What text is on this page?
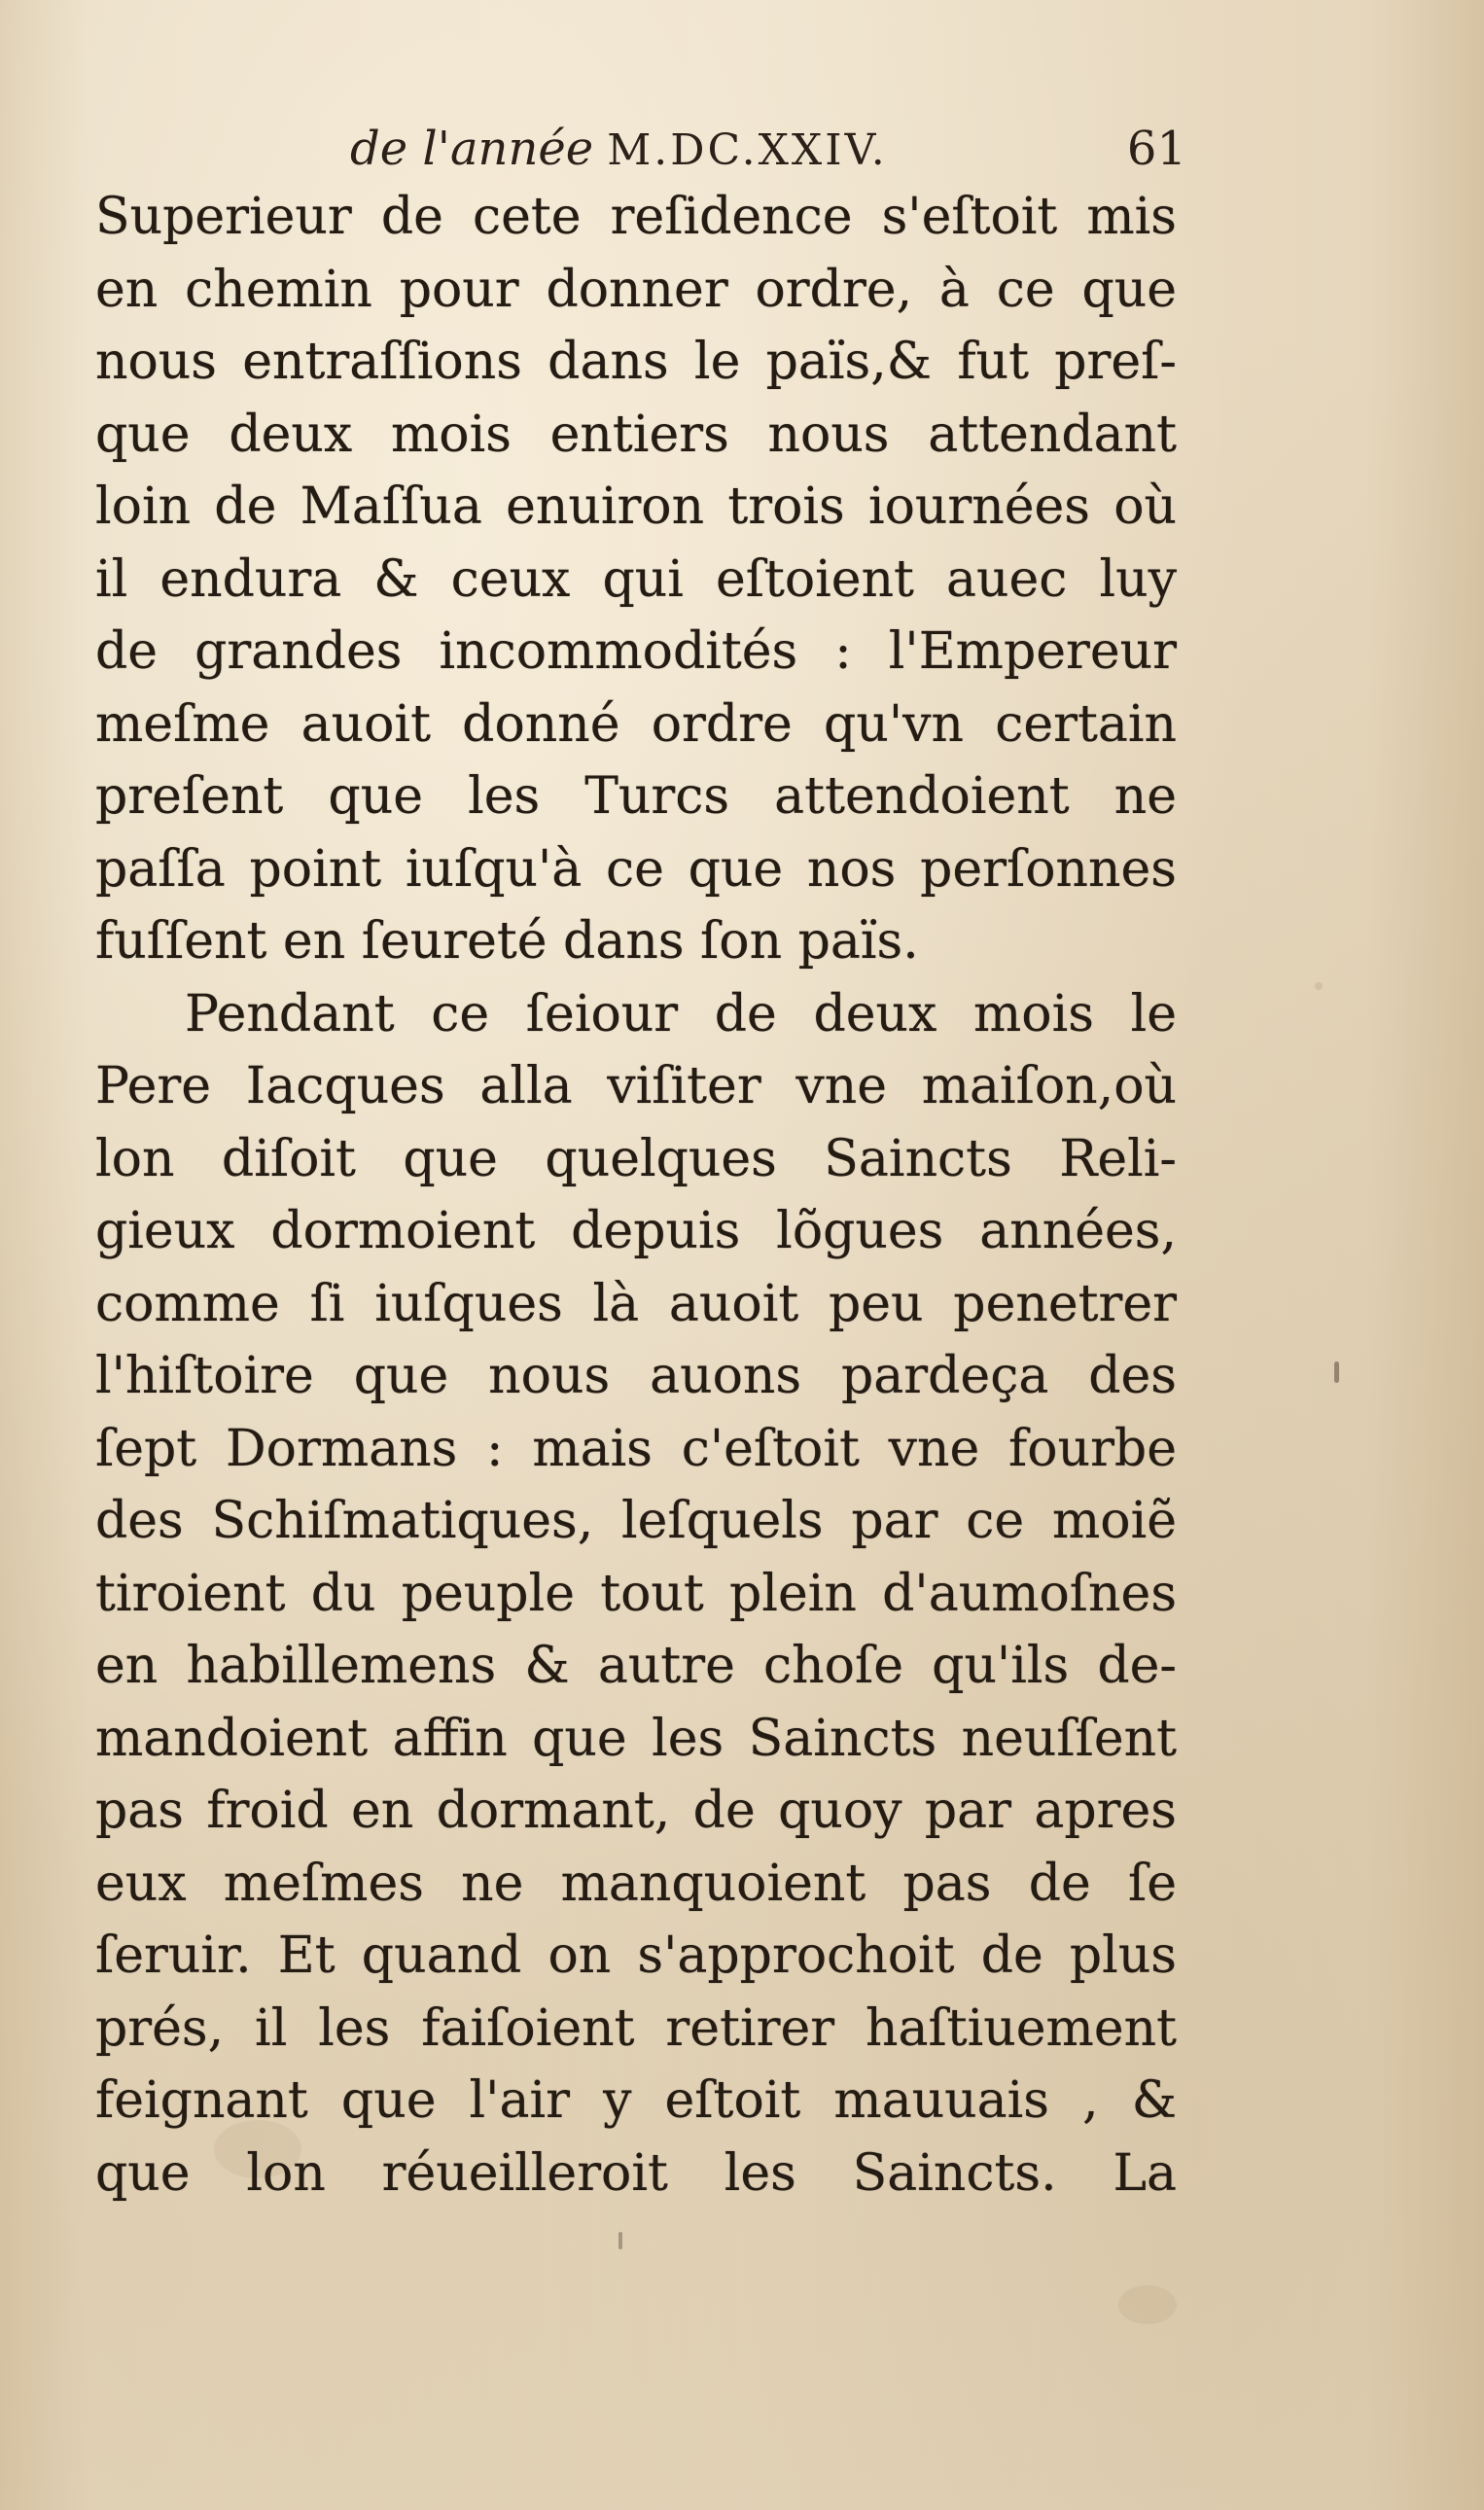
de l'année M.DC.XXIV.	61
Superieur de cete reſidence s'eſtoit mis
en chemin pour donner ordre, à ce que
nous entraſſions dans le païs,& fut preſ-
que deux mois entiers nous attendant
loin de Maſſua enuiron trois iournées où
il endura & ceux qui eſtoient auec luy
de grandes incommodités : l'Empereur
meſme auoit donné ordre qu'vn certain
preſent que les Turcs attendoient ne
paſſa point iuſqu'à ce que nos perſonnes
fuſſent en ſeureté dans ſon païs.
Pendant ce ſeiour de deux mois le
Pere Iacques alla viſiter vne maiſon,où
lon diſoit que quelques Saincts Reli-
gieux dormoient depuis lõgues années,
comme ſi iuſques là auoit peu penetrer
l'hiſtoire que nous auons pardeça des
ſept Dormans : mais c'eſtoit vne fourbe
des Schiſmatiques, leſquels par ce moiẽ
tiroient du peuple tout plein d'aumoſnes
en habillemens & autre choſe qu'ils de-
mandoient affin que les Saincts neuſſent
pas froid en dormant, de quoy par apres
eux meſmes ne manquoient pas de ſe
ſeruir. Et quand on s'approchoit de plus
prés, il les faiſoient retirer haſtiuement
feignant que l'air y eſtoit mauuais , &
que lon réueilleroit les Saincts. La
